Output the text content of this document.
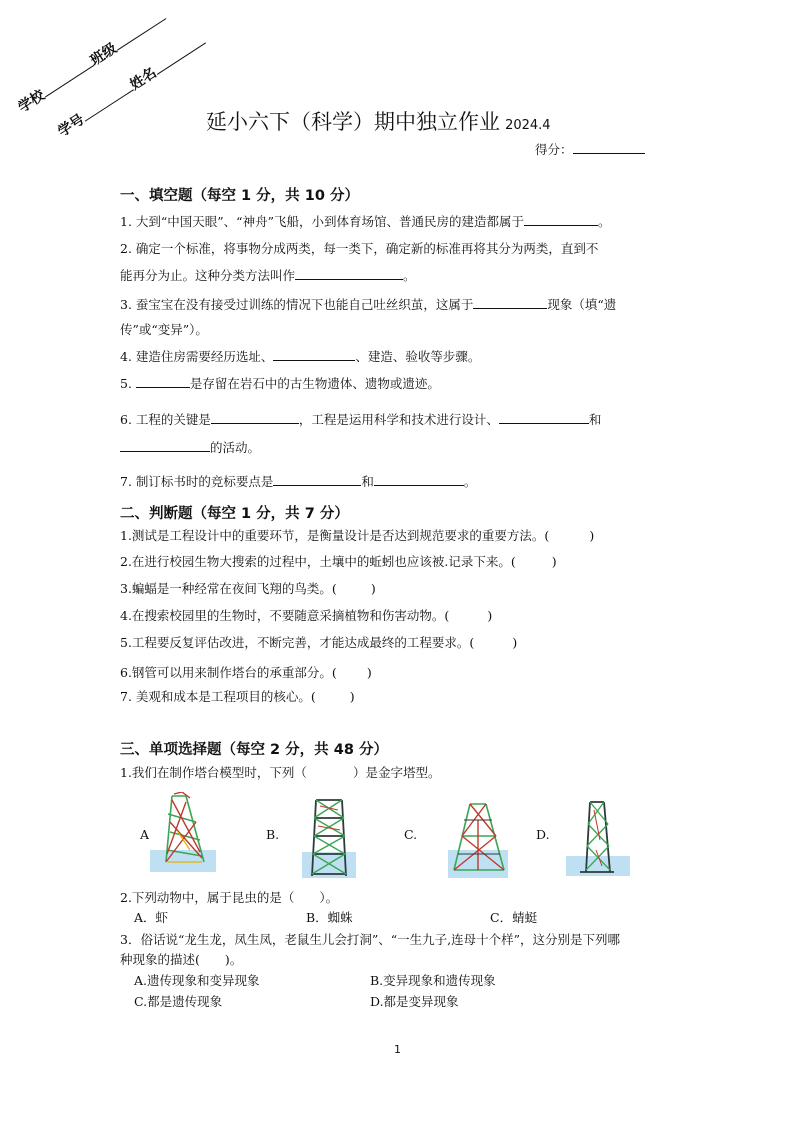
学校班级
学号姓名
延小六下（科学）期中独立作业 2024.4
得分：
一、填空题（每空 1 分，共 10 分）
1. 大到“中国天眼”、“神舟”飞船，小到体育场馆、普通民房的建造都属于	。
2. 确定一个标准，将事物分成两类，每一类下，确定新的标准再将其分为两类，直到不
能再分为止。这种分类方法叫作	。
3. 蚕宝宝在没有接受过训练的情况下也能自己吐丝织茧，这属于	现象（填“遗
传”或“变异”）。
4. 建造住房需要经历选址、	、建造、验收等步骤。
5.	是存留在岩石中的古生物遗体、遗物或遗迹。
6. 工程的关键是	，工程是运用科学和技术进行设计、	和
的活动。
7. 制订标书时的竞标要点是	和	。
二、判断题（每空 1 分，共 7 分）
1.测试是工程设计中的重要环节，是衡量设计是否达到规范要求的重要方法。(	)
2.在进行校园生物大搜索的过程中，土壤中的蚯蚓也应该被.记录下来。(	)
3.蝙蝠是一种经常在夜间飞翔的鸟类。(	)
4.在搜索校园里的生物时，不要随意采摘植物和伤害动物。(	)
5.工程要反复评估改进，不断完善，才能达成最终的工程要求。(	)
6.钢管可以用来制作塔台的承重部分。( )
7. 美观和成本是工程项目的核心。(	)
三、单项选择题（每空 2 分，共 48 分）
1.我们在制作塔台模型时，下列（	）是金字塔型。
A	B.	C.	D.
2.下列动物中，属于昆虫的是（　　）。
A．虾	B．蜘蛛	C．蜻蜓
3．俗话说“龙生龙，凤生凤，老鼠生儿会打洞”、“一生九子,连母十个样”，这分别是下列哪
种现象的描述(　　)。
A.遗传现象和变异现象	B.变异现象和遗传现象
C.都是遗传现象	D.都是变异现象
1
